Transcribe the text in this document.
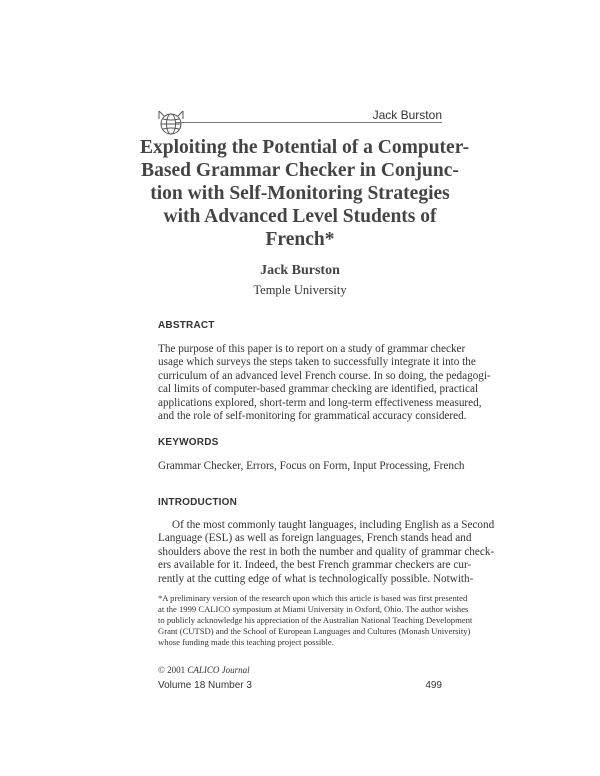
Jack Burston
Exploiting the Potential of a Computer-
Based Grammar Checker in Conjunc-
tion with Self-Monitoring Strategies
with Advanced Level Students of
French*
Jack Burston
Temple University
ABSTRACT
The purpose of this paper is to report on a study of grammar checker
usage which surveys the steps taken to successfully integrate it into the
curriculum of an advanced level French course. In so doing, the pedagogi-
cal limits of computer-based grammar checking are identified, practical
applications explored, short-term and long-term effectiveness measured,
and the role of self-monitoring for grammatical accuracy considered.
KEYWORDS
Grammar Checker, Errors, Focus on Form, Input Processing, French
INTRODUCTION
Of the most commonly taught languages, including English as a Second
Language (ESL) as well as foreign languages, French stands head and
shoulders above the rest in both the number and quality of grammar check-
ers available for it. Indeed, the best French grammar checkers are cur-
rently at the cutting edge of what is technologically possible. Notwith-
*A preliminary version of the research upon which this article is based was first presented
at the 1999 CALICO symposium at Miami University in Oxford, Ohio. The author wishes
to publicly acknowledge his appreciation of the Australian National Teaching Development
Grant (CUTSD) and the School of European Languages and Cultures (Monash University)
whose funding made this teaching project possible.
© 2001 CALICO Journal
Volume 18 Number 3	499
